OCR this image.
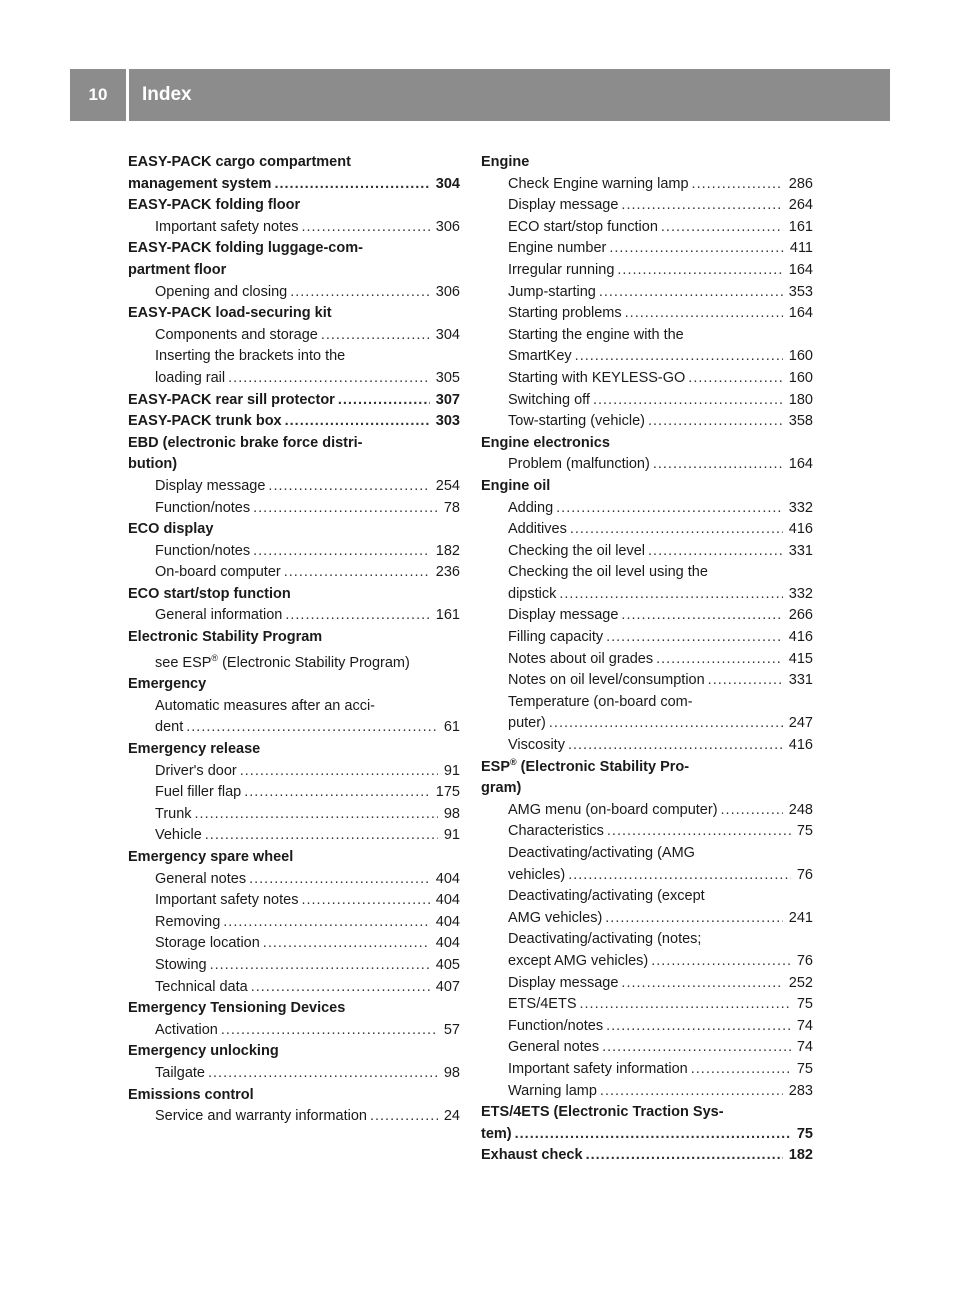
10	Index
EASY-PACK cargo compartment
management system .....	304
EASY-PACK folding floor
Important safety notes .....	306
EASY-PACK folding luggage-com-
partment floor
Opening and closing .....	306
EASY-PACK load-securing kit
Components and storage .....	304
Inserting the brackets into the
loading rail .....	305
EASY-PACK rear sill protector .....	307
EASY-PACK trunk box .....	303
EBD (electronic brake force distri-
bution)
Display message .....	254
Function/notes .....	78
ECO display
Function/notes .....	182
On-board computer .....	236
ECO start/stop function
General information .....	161
Electronic Stability Program
see ESP® (Electronic Stability Program)
Emergency
Automatic measures after an acci-
dent .....	61
Emergency release
Driver's door .....	91
Fuel filler flap .....	175
Trunk .....	98
Vehicle .....	91
Emergency spare wheel
General notes .....	404
Important safety notes .....	404
Removing .....	404
Storage location .....	404
Stowing .....	405
Technical data .....	407
Emergency Tensioning Devices
Activation .....	57
Emergency unlocking
Tailgate .....	98
Emissions control
Service and warranty information .....	24
Engine
Check Engine warning lamp .....	286
Display message .....	264
ECO start/stop function .....	161
Engine number .....	411
Irregular running .....	164
Jump-starting .....	353
Starting problems .....	164
Starting the engine with the
SmartKey .....	160
Starting with KEYLESS-GO .....	160
Switching off .....	180
Tow-starting (vehicle) .....	358
Engine electronics
Problem (malfunction) .....	164
Engine oil
Adding .....	332
Additives .....	416
Checking the oil level .....	331
Checking the oil level using the
dipstick .....	332
Display message .....	266
Filling capacity .....	416
Notes about oil grades .....	415
Notes on oil level/consumption .....	331
Temperature (on-board com-
puter) .....	247
Viscosity .....	416
ESP® (Electronic Stability Pro-
gram)
AMG menu (on-board computer) .....	248
Characteristics .....	75
Deactivating/activating (AMG
vehicles) .....	76
Deactivating/activating (except
AMG vehicles) .....	241
Deactivating/activating (notes;
except AMG vehicles) .....	76
Display message .....	252
ETS/4ETS .....	75
Function/notes .....	74
General notes .....	74
Important safety information .....	75
Warning lamp .....	283
ETS/4ETS (Electronic Traction Sys-
tem) .....	75
Exhaust check .....	182
